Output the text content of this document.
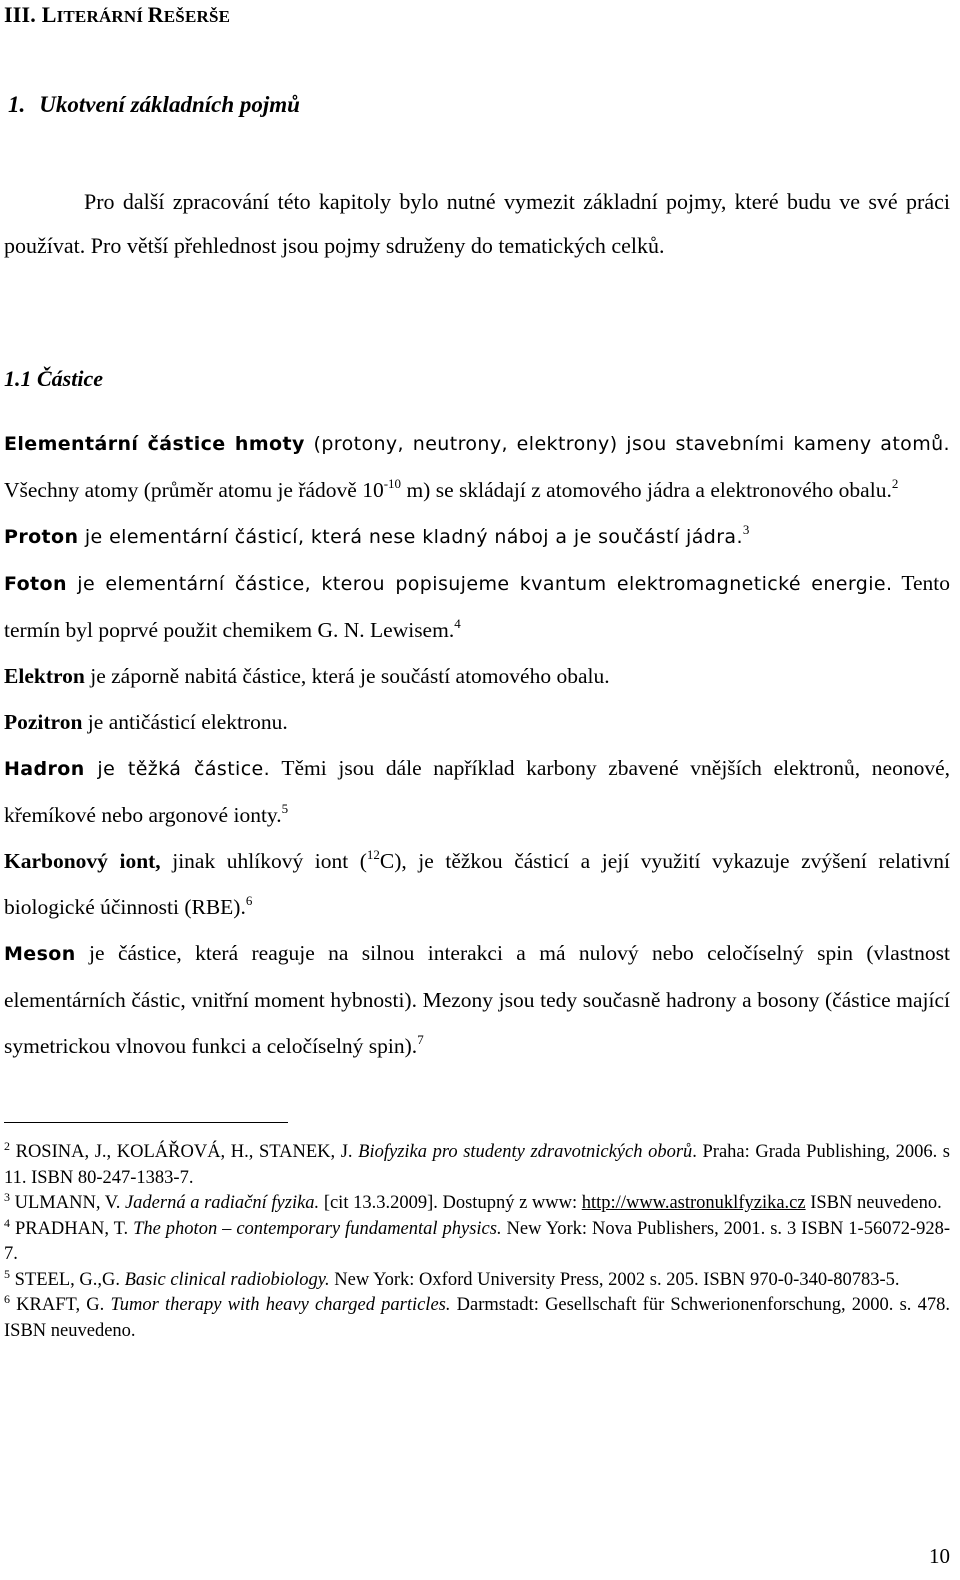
III. LITERÁRNÍ REŠERŠE
1. Ukotvení základních pojmů

Pro další zpracování této kapitoly bylo nutné vymezit základní pojmy, které budu ve své práci používat. Pro větší přehlednost jsou pojmy sdruženy do tematických celků.

1.1 Částice

Elementární částice hmoty (protony, neutrony, elektrony) jsou stavebními kameny atomů. Všechny atomy (průměr atomu je řádově $10^{-10}$ m) se skládají z atomového jádra a elektronového obalu.$^2$

Proton je elementární částicí, která nese kladný náboj a je součástí jádra.$^3$

Foton je elementární částice, kterou popisujeme kvantum elektromagnetické energie. Tento termín byl poprvé použit chemikem G. N. Lewisem.$^4$

Elektron je záporně nabitá částice, která je součástí atomového obalu.

Pozitron je antičásticí elektronu.

Hadron je těžká částice. Těmi jsou dále například karbony zbavené vnějších elektronů, neonové, křemíkové nebo argonové ionty.$^5$

Karbonový iont, jinak uhlíkový iont ($^{12}$C), je těžkou částicí a její využití vykazuje zvýšení relativní biologické účinnosti (RBE).$^6$

Meson je částice, která reaguje na silnou interakci a má nulový nebo celočíselný spin (vlastnost elementárních částic, vnitřní moment hybnosti). Mezony jsou tedy současně hadrony a bosony (částice mající symetrickou vlnovou funkci a celočíselný spin).$^7$

$^2$ ROSINA, J., KOLÁŘOVÁ, H., STANEK, J. Biofyzika pro studenty zdravotnických oborů. Praha: Grada Publishing, 2006. s 11. ISBN 80-247-1383-7.

$^3$ ULMANN, V. Jaderná a radiační fyzika. [cit 13.3.2009]. Dostupný z www: http://www.astronuklfyzika.cz ISBN neuvedeno.

$^4$ PRADHAN, T. The photon – contemporary fundamental physics. New York: Nova Publishers, 2001. s. 3 ISBN 1-56072-928-7.

$^5$ STEEL, G.,G. Basic clinical radiobiology. New York: Oxford University Press, 2002 s. 205. ISBN 970-0-340-80783-5.

$^6$ KRAFT, G. Tumor therapy with heavy charged particles. Darmstadt: Gesellschaft für Schwerionenforschung, 2000. s. 478. ISBN neuvedeno.

10
